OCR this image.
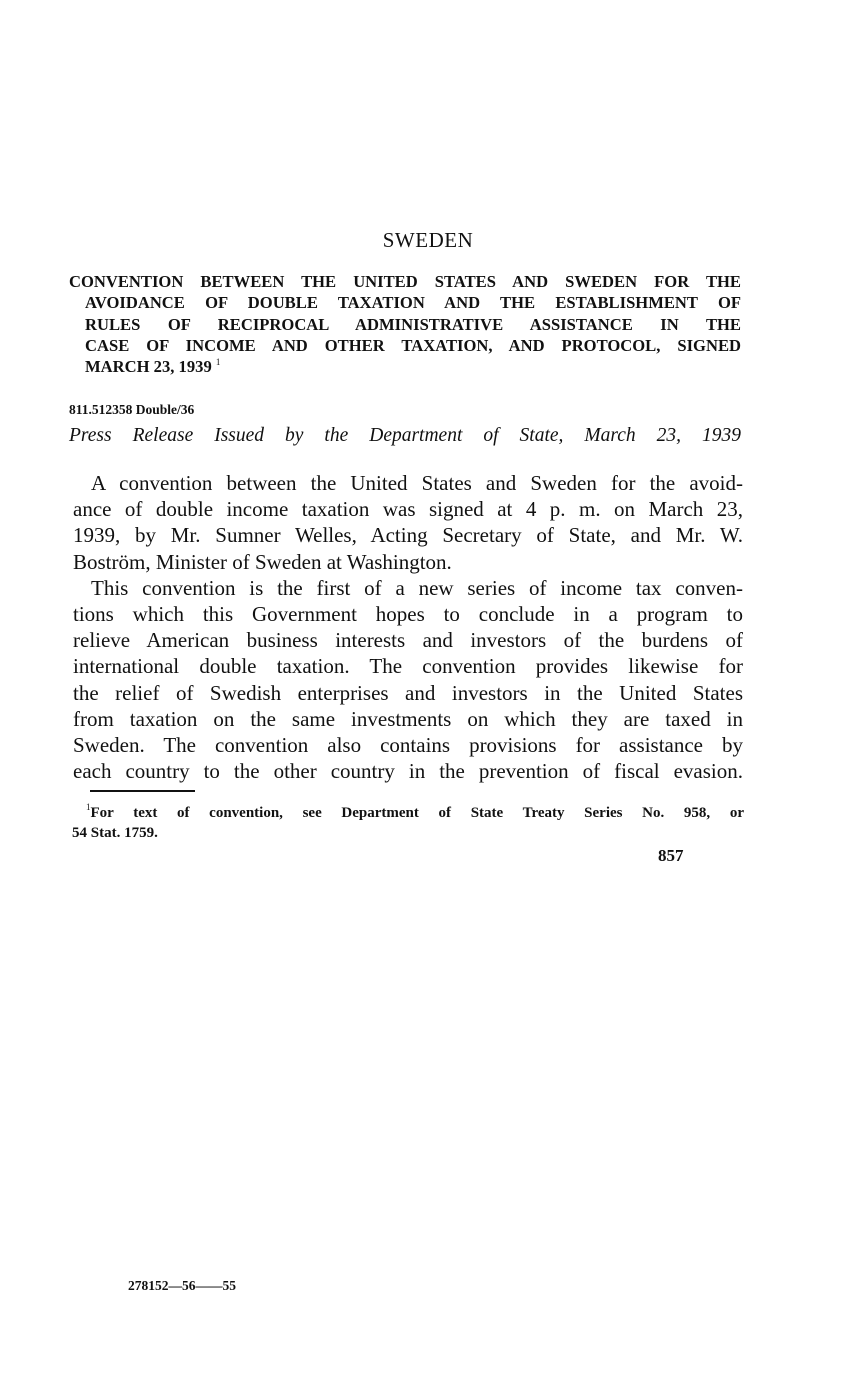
SWEDEN
CONVENTION BETWEEN THE UNITED STATES AND SWEDEN FOR THE
AVOIDANCE OF DOUBLE TAXATION AND THE ESTABLISHMENT OF
RULES OF RECIPROCAL ADMINISTRATIVE ASSISTANCE IN THE
CASE OF INCOME AND OTHER TAXATION, AND PROTOCOL, SIGNED
MARCH 23, 1939 $^1$
811.512358 Double/36
Press Release Issued by the Department of State, March 23, 1939
A convention between the United States and Sweden for the avoid-
ance of double income taxation was signed at 4 p. m. on March 23,
1939, by Mr. Sumner Welles, Acting Secretary of State, and Mr. W.
Boström, Minister of Sweden at Washington.
This convention is the first of a new series of income tax conven-
tions which this Government hopes to conclude in a program to
relieve American business interests and investors of the burdens of
international double taxation. The convention provides likewise for
the relief of Swedish enterprises and investors in the United States
from taxation on the same investments on which they are taxed in
Sweden. The convention also contains provisions for assistance by
each country to the other country in the prevention of fiscal evasion.
$^1$For text of convention, see Department of State Treaty Series No. 958, or
54 Stat. 1759.
857
278152—56——55
